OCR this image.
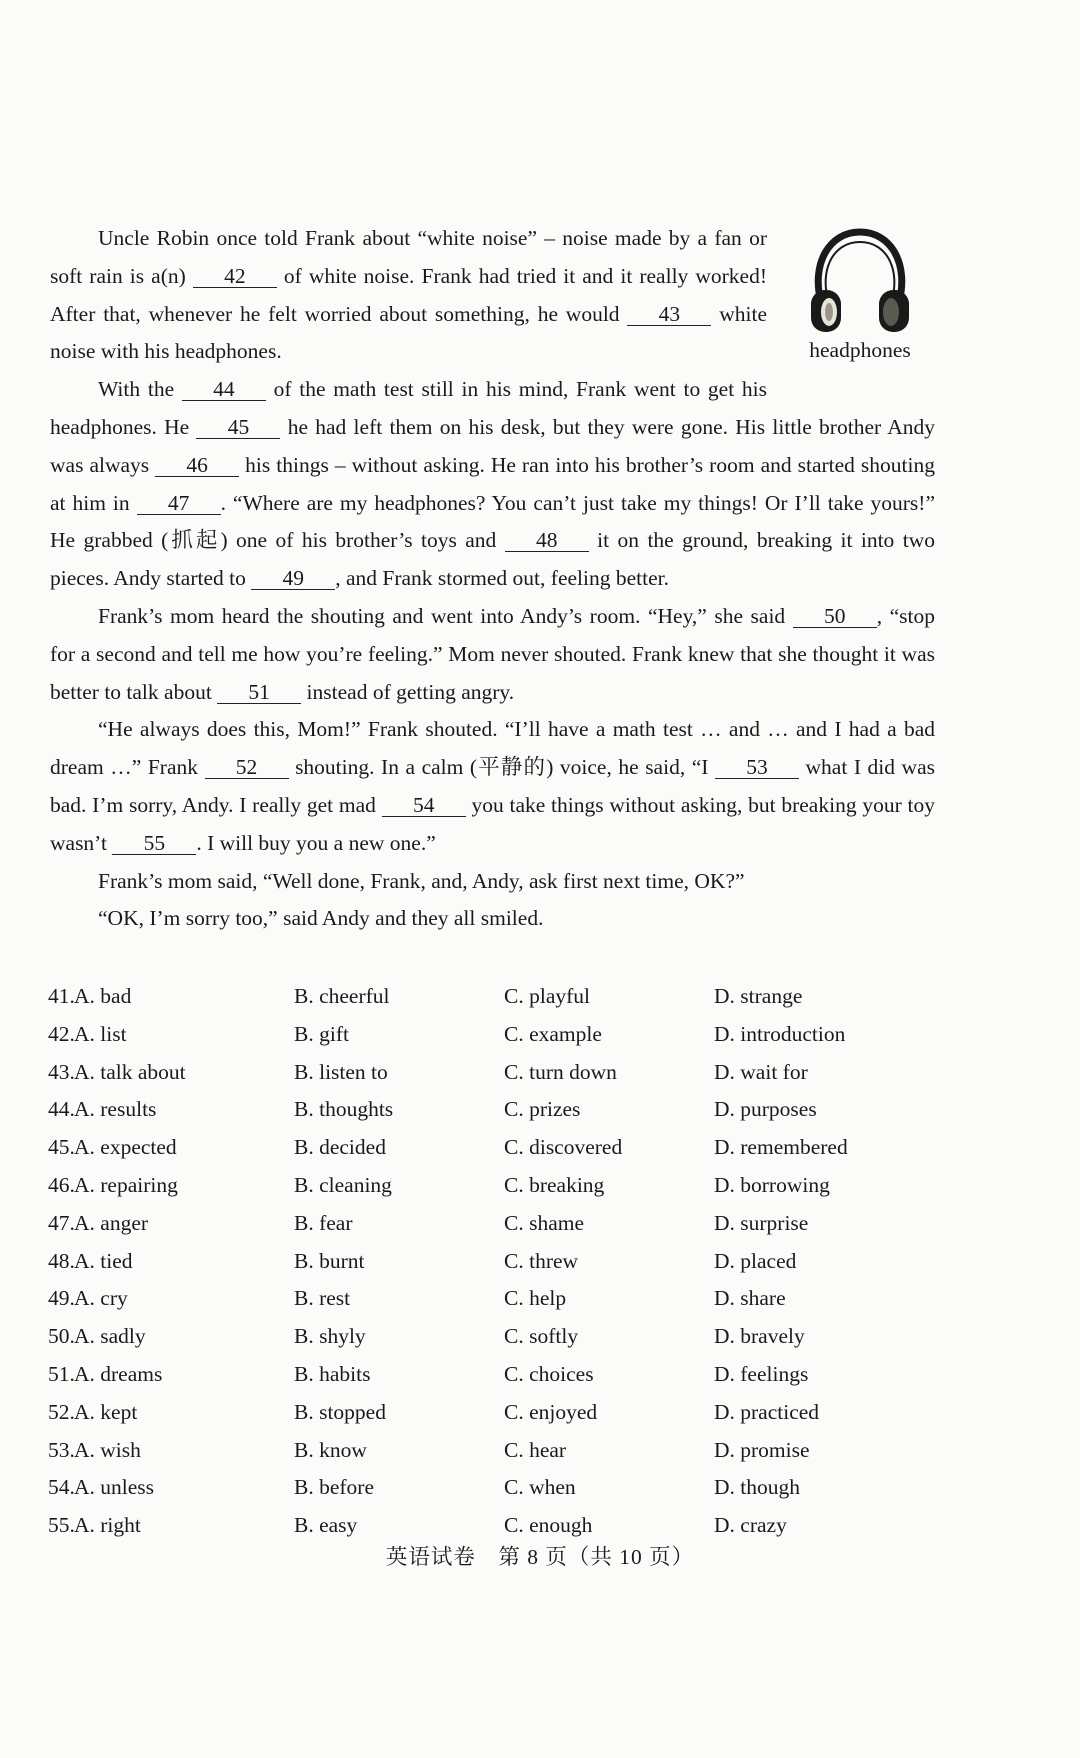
headphones

Uncle Robin once told Frank about “white noise” – noise made by a fan or soft rain is a(n) 42 of white noise. Frank had tried it and it really worked! After that, whenever he felt worried about something, he would 43 white noise with his headphones.

With the 44 of the math test still in his mind, Frank went to get his headphones. He 45 he had left them on his desk, but they were gone. His little brother Andy was always 46 his things – without asking. He ran into his brother’s room and started shouting at him in 47 . “Where are my headphones? You can’t just take my things! Or I’ll take yours!” He grabbed (抓起) one of his brother’s toys and 48 it on the ground, breaking it into two pieces. Andy started to 49 , and Frank stormed out, feeling better.

Frank’s mom heard the shouting and went into Andy’s room. “Hey,” she said 50 , “stop for a second and tell me how you’re feeling.” Mom never shouted. Frank knew that she thought it was better to talk about 51 instead of getting angry.

“He always does this, Mom!” Frank shouted. “I’ll have a math test … and … and I had a bad dream …” Frank 52 shouting. In a calm (平静的) voice, he said, “I 53 what I did was bad. I’m sorry, Andy. I really get mad 54 you take things without asking, but breaking your toy wasn’t 55 . I will buy you a new one.”

Frank’s mom said, “Well done, Frank, and, Andy, ask first next time, OK?”

“OK, I’m sorry too,” said Andy and they all smiled.

41. A. bad	B. cheerful	C. playful	D. strange
42. A. list	B. gift	C. example	D. introduction
43. A. talk about	B. listen to	C. turn down	D. wait for
44. A. results	B. thoughts	C. prizes	D. purposes
45. A. expected	B. decided	C. discovered	D. remembered
46. A. repairing	B. cleaning	C. breaking	D. borrowing
47. A. anger	B. fear	C. shame	D. surprise
48. A. tied	B. burnt	C. threw	D. placed
49. A. cry	B. rest	C. help	D. share
50. A. sadly	B. shyly	C. softly	D. bravely
51. A. dreams	B. habits	C. choices	D. feelings
52. A. kept	B. stopped	C. enjoyed	D. practiced
53. A. wish	B. know	C. hear	D. promise
54. A. unless	B. before	C. when	D. though
55. A. right	B. easy	C. enough	D. crazy
英语试卷　第 8 页（共 10 页）
